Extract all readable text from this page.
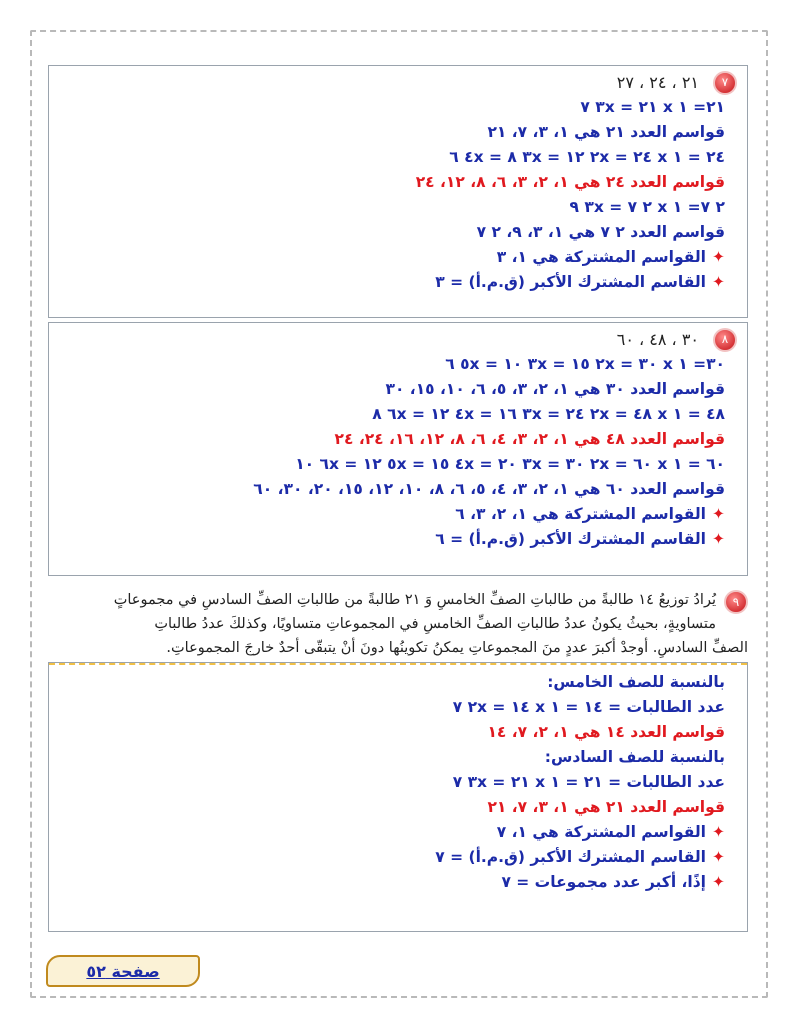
٧
٢١ ، ٢٤ ، ٢٧
٢١= ١ x ٢١ = ٣x ٧
قواسم العدد ٢١ هي ١، ٣، ٧، ٢١
٢٤ = ١ x ٢٤ = ٢x ١٢ = ٣x ٨ = ٤x ٦
قواسم العدد ٢٤ هي ١، ٢، ٣، ٦، ٨، ١٢، ٢٤
٢ ٧= ١ x ٢ ٧ = ٣x ٩
قواسم العدد ٢ ٧ هي ١، ٣، ٩، ٢ ٧
✦القواسم المشتركة هي ١، ٣
✦القاسم المشترك الأكبر (ق.م.أ) = ٣
٨
٣٠ ، ٤٨ ، ٦٠
٣٠= ١ x ٣٠ = ٢x ١٥ = ٣x ١٠ = ٥x ٦
قواسم العدد ٣٠ هي ١، ٢، ٣، ٥، ٦، ١٠، ١٥، ٣٠
٤٨ = ١ x ٤٨ = ٢x ٢٤ = ٣x ١٦ = ٤x ١٢ = ٦x ٨
قواسم العدد ٤٨ هي ١، ٢، ٣، ٤، ٦، ٨، ١٢، ١٦، ٢٤، ٢٤
٦٠ = ١ x ٦٠ = ٢x ٣٠ = ٣x ٢٠ = ٤x ١٥ = ٥x ١٢ = ٦x ١٠
قواسم العدد ٦٠ هي ١، ٢، ٣، ٤، ٥، ٦، ٨، ١٠، ١٢، ١٥، ٢٠، ٣٠، ٦٠
✦القواسم المشتركة هي ١، ٢، ٣، ٦
✦القاسم المشترك الأكبر (ق.م.أ) = ٦
٩
يُرادُ توزيعُ ١٤ طالبةً من طالباتِ الصفِّ الخامسِ وَ ٢١ طالبةً من طالباتِ الصفِّ السادسِ في مجموعاتٍ
متساويةٍ، بحيثُ يكونُ عددُ طالباتِ الصفِّ الخامسِ في المجموعاتِ متساويًا، وكذلكَ عددُ طالباتِ
الصفِّ السادسِ. أوجدْ أكبرَ عددٍ منَ المجموعاتِ يمكنُ تكوينُها دونَ أنْ يتبقّى أحدٌ خارجَ المجموعاتِ.
بالنسبة للصف الخامس:
عدد الطالبات = ١٤ = ١ x ١٤ = ٢x ٧
قواسم العدد ١٤ هي ١، ٢، ٧، ١٤
بالنسبة للصف السادس:
عدد الطالبات = ٢١ = ١ x ٢١ = ٣x ٧
قواسم العدد ٢١ هي ١، ٣، ٧، ٢١
✦القواسم المشتركة هي ١، ٧
✦القاسم المشترك الأكبر (ق.م.أ) = ٧
✦إذًا، أكبر عدد مجموعات = ٧
صفحة ٥٢
